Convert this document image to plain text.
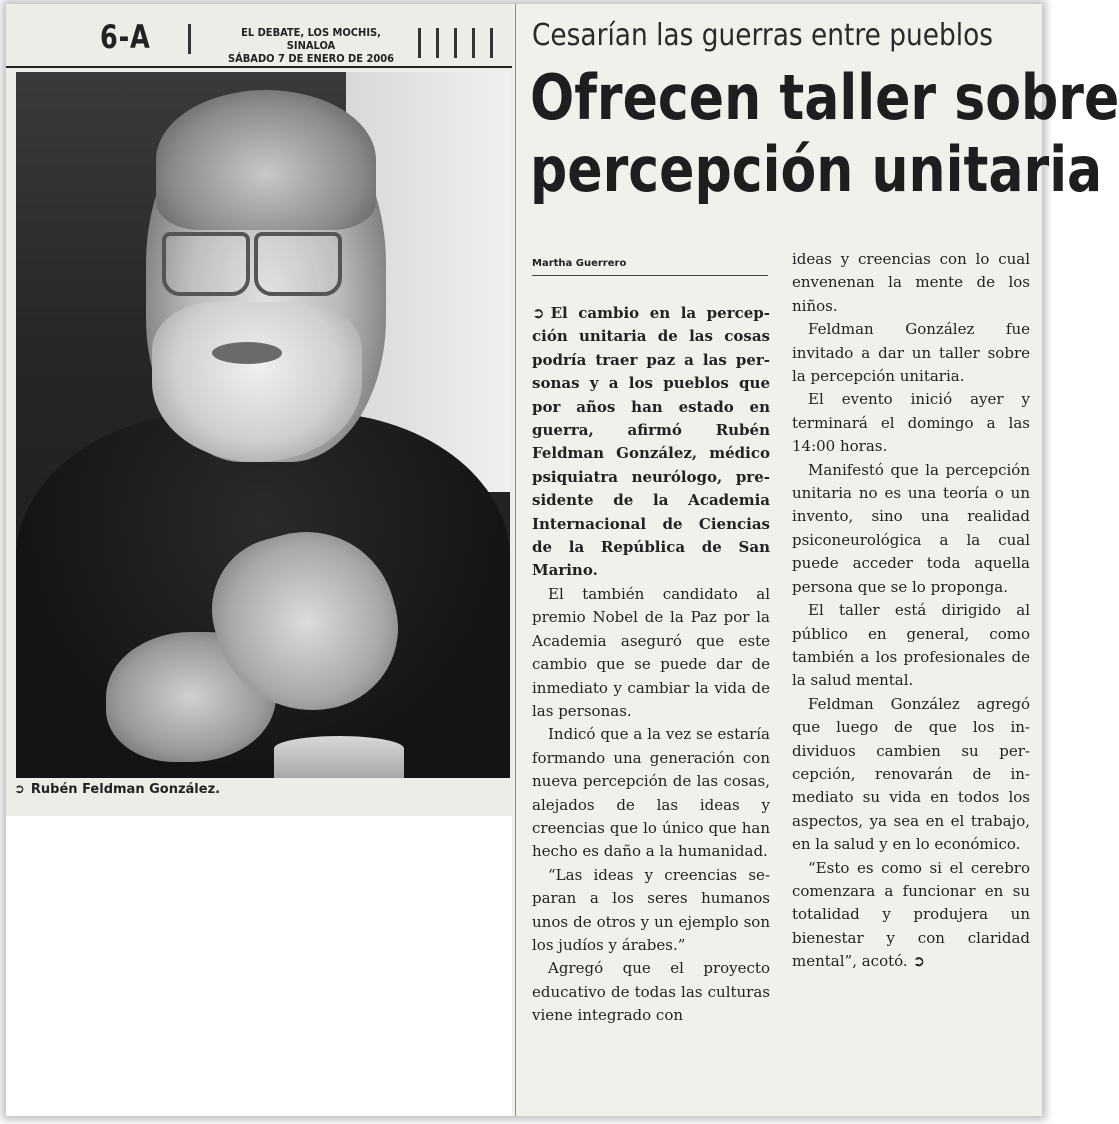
6-A	EL DEBATE, LOS MOCHIS, SINALOA
SÁBADO 7 DE ENERO DE 2006
➲ Rubén Feldman González.
Cesarían las guerras entre pueblos
Ofrecen taller sobre
percepción unitaria
Martha Guerrero

➲ El cambio en la percepción unitaria de las cosas podría traer paz a las personas y a los pueblos que por años han estado en guerra, afirmó Rubén Feldman González, médico psiquiatra neurólogo, presidente de la Academia Internacional de Ciencias de la República de San Marino.

El también candidato al premio Nobel de la Paz por la Academia aseguró que este cambio que se puede dar de inmediato y cambiar la vida de las personas.

Indicó que a la vez se estaría formando una generación con nueva percepción de las cosas, alejados de las ideas y creencias que lo único que han hecho es daño a la humanidad.

“Las ideas y creencias separan a los seres humanos unos de otros y un ejemplo son los judíos y árabes.”

Agregó que el proyecto educativo de todas las culturas viene integrado con

ideas y creencias con lo cual envenenan la mente de los niños.

Feldman González fue invitado a dar un taller sobre la percepción unitaria.

El evento inició ayer y terminará el domingo a las 14:00 horas.

Manifestó que la percepción unitaria no es una teoría o un invento, sino una realidad psiconeurológica a la cual puede acceder toda aquella persona que se lo proponga.

El taller está dirigido al público en general, como también a los profesionales de la salud mental.

Feldman González agregó que luego de que los individuos cambien su percepción, renovarán de inmediato su vida en todos los aspectos, ya sea en el trabajo, en la salud y en lo económico.

“Esto es como si el cerebro comenzara a funcionar en su totalidad y produjera un bienestar y con claridad mental”, acotó. ➲
